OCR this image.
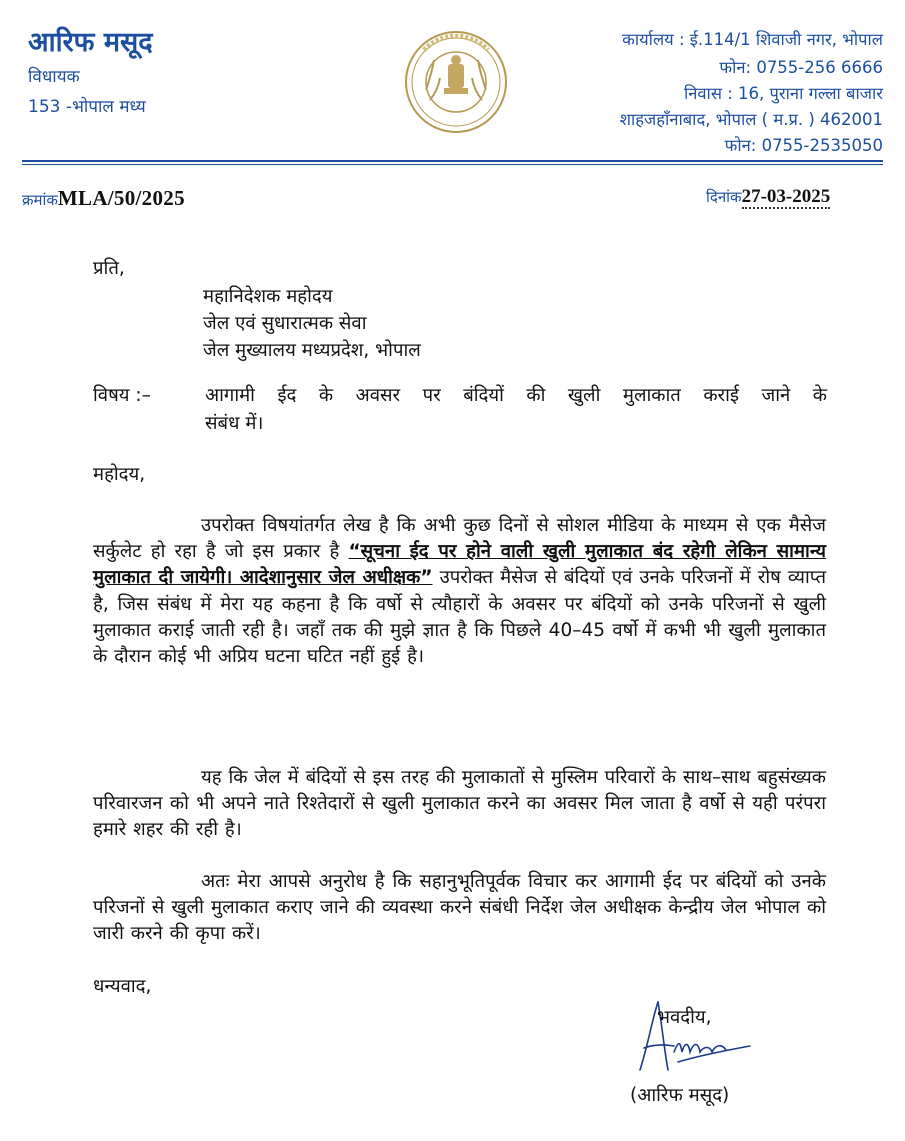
आरिफ मसूद
विधायक
153 -भोपाल मध्य
कार्यालय : ई.114/1 शिवाजी नगर, भोपाल
फोन: 0755-256 6666
निवास : 16, पुराना गल्ला बाजार
शाहजहाँनाबाद, भोपाल ( म.प्र. ) 462001
फोन: 0755-2535050
क्रमांकMLA/50/2025	दिनांक27-03-2025
प्रति,
महानिदेशक महोदय
जेल एवं सुधारात्मक सेवा
जेल मुख्यालय मध्यप्रदेश, भोपाल
विषय :–	आगामी ईद के अवसर पर बंदियों की खुली मुलाकात कराई जाने के
संबंध में।
महोदय,
उपरोक्त विषयांतर्गत लेख है कि अभी कुछ दिनों से सोशल मीडिया के माध्यम से एक मैसेज सर्कुलेट हो रहा है जो इस प्रकार है “सूचना ईद पर होने वाली खुली मुलाकात बंद रहेगी लेकिन सामान्य मुलाकात दी जायेगी। आदेशानुसार जेल अधीक्षक” उपरोक्त मैसेज से बंदियों एवं उनके परिजनों में रोष व्याप्त है, जिस संबंध में मेरा यह कहना है कि वर्षो से त्यौहारों के अवसर पर बंदियों को उनके परिजनों से खुली मुलाकात कराई जाती रही है। जहाँ तक की मुझे ज्ञात है कि पिछले 40–45 वर्षो में कभी भी खुली मुलाकात के दौरान कोई भी अप्रिय घटना घटित नहीं हुई है।
यह कि जेल में बंदियों से इस तरह की मुलाकातों से मुस्लिम परिवारों के साथ–साथ बहुसंख्यक परिवारजन को भी अपने नाते रिश्तेदारों से खुली मुलाकात करने का अवसर मिल जाता है वर्षो से यही परंपरा हमारे शहर की रही है।
अतः मेरा आपसे अनुरोध है कि सहानुभूतिपूर्वक विचार कर आगामी ईद पर बंदियों को उनके परिजनों से खुली मुलाकात कराए जाने की व्यवस्था करने संबंधी निर्देश जेल अधीक्षक केन्द्रीय जेल भोपाल को जारी करने की कृपा करें।
धन्यवाद,
भवदीय,
(आरिफ मसूद)
